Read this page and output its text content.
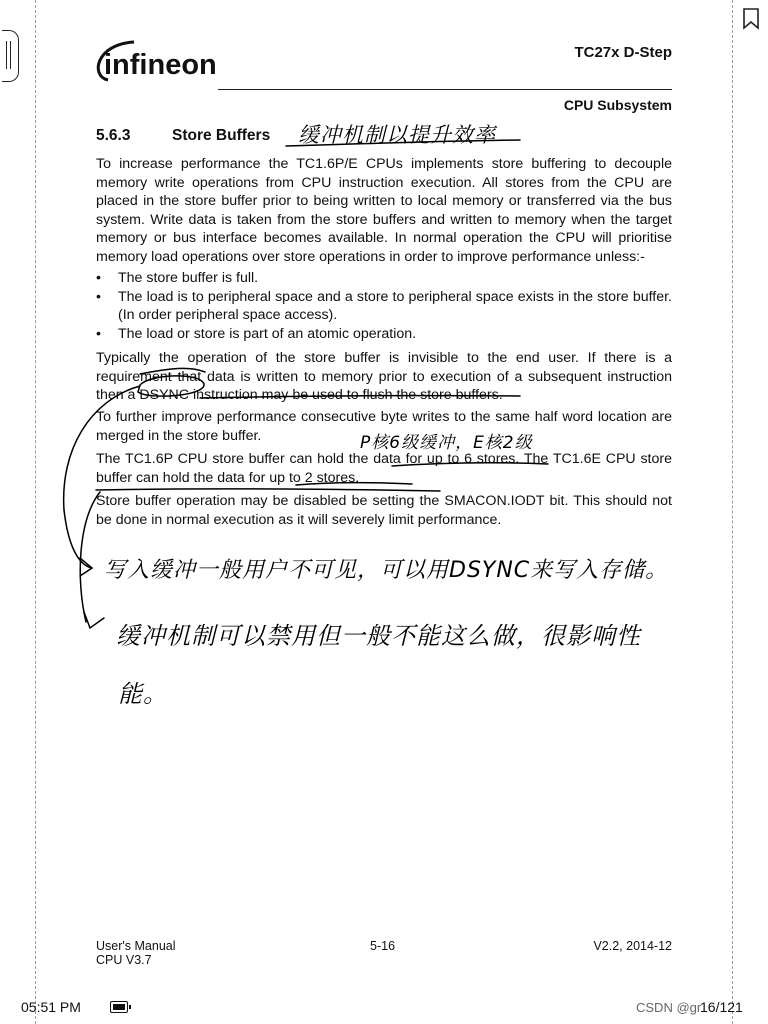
infineon	TC27x D-Step
CPU Subsystem
5.6.3	Store Buffers 缓冲机制以提升效率

To increase performance the TC1.6P/E CPUs implements store buffering to decouple memory write operations from CPU instruction execution. All stores from the CPU are placed in the store buffer prior to being written to local memory or transferred via the bus system. Write data is taken from the store buffers and written to memory when the target memory or bus interface becomes available. In normal operation the CPU will prioritise memory load operations over store operations in order to improve performance unless:-

• The store buffer is full.
• The load is to peripheral space and a store to peripheral space exists in the store buffer. (In order peripheral space access).
• The load or store is part of an atomic operation.

Typically the operation of the store buffer is invisible to the end user. If there is a requirement that data is written to memory prior to execution of a subsequent instruction then a DSYNC instruction may be used to flush the store buffers.

To further improve performance consecutive byte writes to the same half word location are merged in the store buffer.

The TC1.6P CPU store buffer can hold the data for up to 6 stores. The TC1.6E CPU store buffer can hold the data for up to 2 stores.

Store buffer operation may be disabled be setting the SMACON.IODT bit. This should not be done in normal execution as it will severely limit performance.

P核6级缓冲，E核2级
写入缓冲一般用户不可见，可以用DSYNC来写入存储。
缓冲机制可以禁用但一般不能这么做，很影响性
能。
User's Manual
CPU V3.7
5-16	V2.2, 2014-12
05:51 PM	CSDN @gr
16/121
